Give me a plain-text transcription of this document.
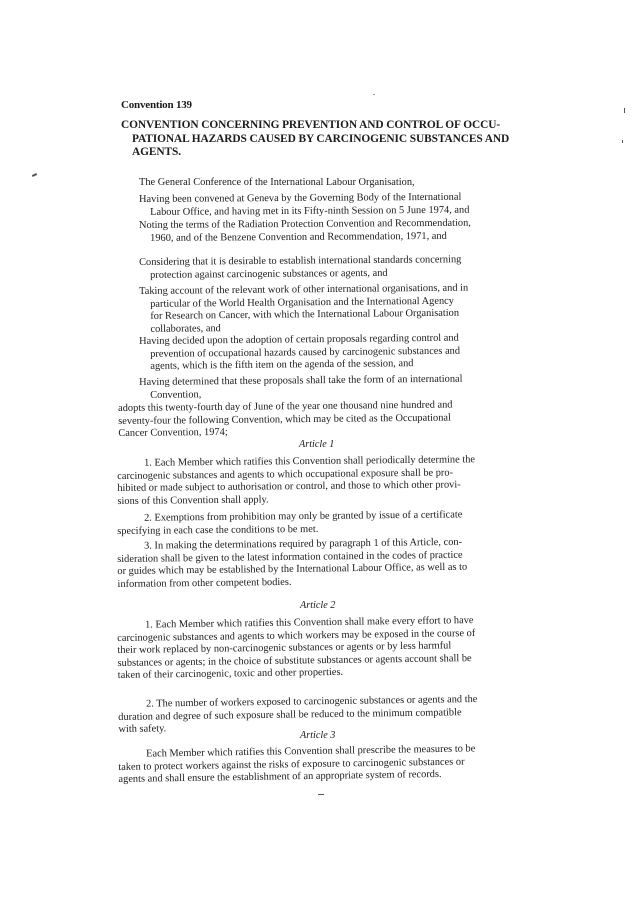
Convention 139
CONVENTION CONCERNING PREVENTION AND CONTROL OF OCCU-
PATIONAL HAZARDS CAUSED BY CARCINOGENIC SUBSTANCES AND
AGENTS.
The General Conference of the International Labour Organisation,
Having been convened at Geneva by the Governing Body of the International
Labour Office, and having met in its Fifty-ninth Session on 5 June 1974, and
Noting the terms of the Radiation Protection Convention and Recommendation,
1960, and of the Benzene Convention and Recommendation, 1971, and
Considering that it is desirable to establish international standards concerning
protection against carcinogenic substances or agents, and
Taking account of the relevant work of other international organisations, and in
particular of the World Health Organisation and the International Agency
for Research on Cancer, with which the International Labour Organisation
collaborates, and
Having decided upon the adoption of certain proposals regarding control and
prevention of occupational hazards caused by carcinogenic substances and
agents, which is the fifth item on the agenda of the session, and
Having determined that these proposals shall take the form of an international
Convention,
adopts this twenty-fourth day of June of the year one thousand nine hundred and
seventy-four the following Convention, which may be cited as the Occupational
Cancer Convention, 1974;
Article 1
1. Each Member which ratifies this Convention shall periodically determine the
carcinogenic substances and agents to which occupational exposure shall be pro-
hibited or made subject to authorisation or control, and those to which other provi-
sions of this Convention shall apply.
2. Exemptions from prohibition may only be granted by issue of a certificate
specifying in each case the conditions to be met.
3. In making the determinations required by paragraph 1 of this Article, con-
sideration shall be given to the latest information contained in the codes of practice
or guides which may be established by the International Labour Office, as well as to
information from other competent bodies.
Article 2
1. Each Member which ratifies this Convention shall make every effort to have
carcinogenic substances and agents to which workers may be exposed in the course of
their work replaced by non-carcinogenic substances or agents or by less harmful
substances or agents; in the choice of substitute substances or agents account shall be
taken of their carcinogenic, toxic and other properties.
2. The number of workers exposed to carcinogenic substances or agents and the
duration and degree of such exposure shall be reduced to the minimum compatible
with safety.
Article 3
Each Member which ratifies this Convention shall prescribe the measures to be
taken to protect workers against the risks of exposure to carcinogenic substances or
agents and shall ensure the establishment of an appropriate system of records.
